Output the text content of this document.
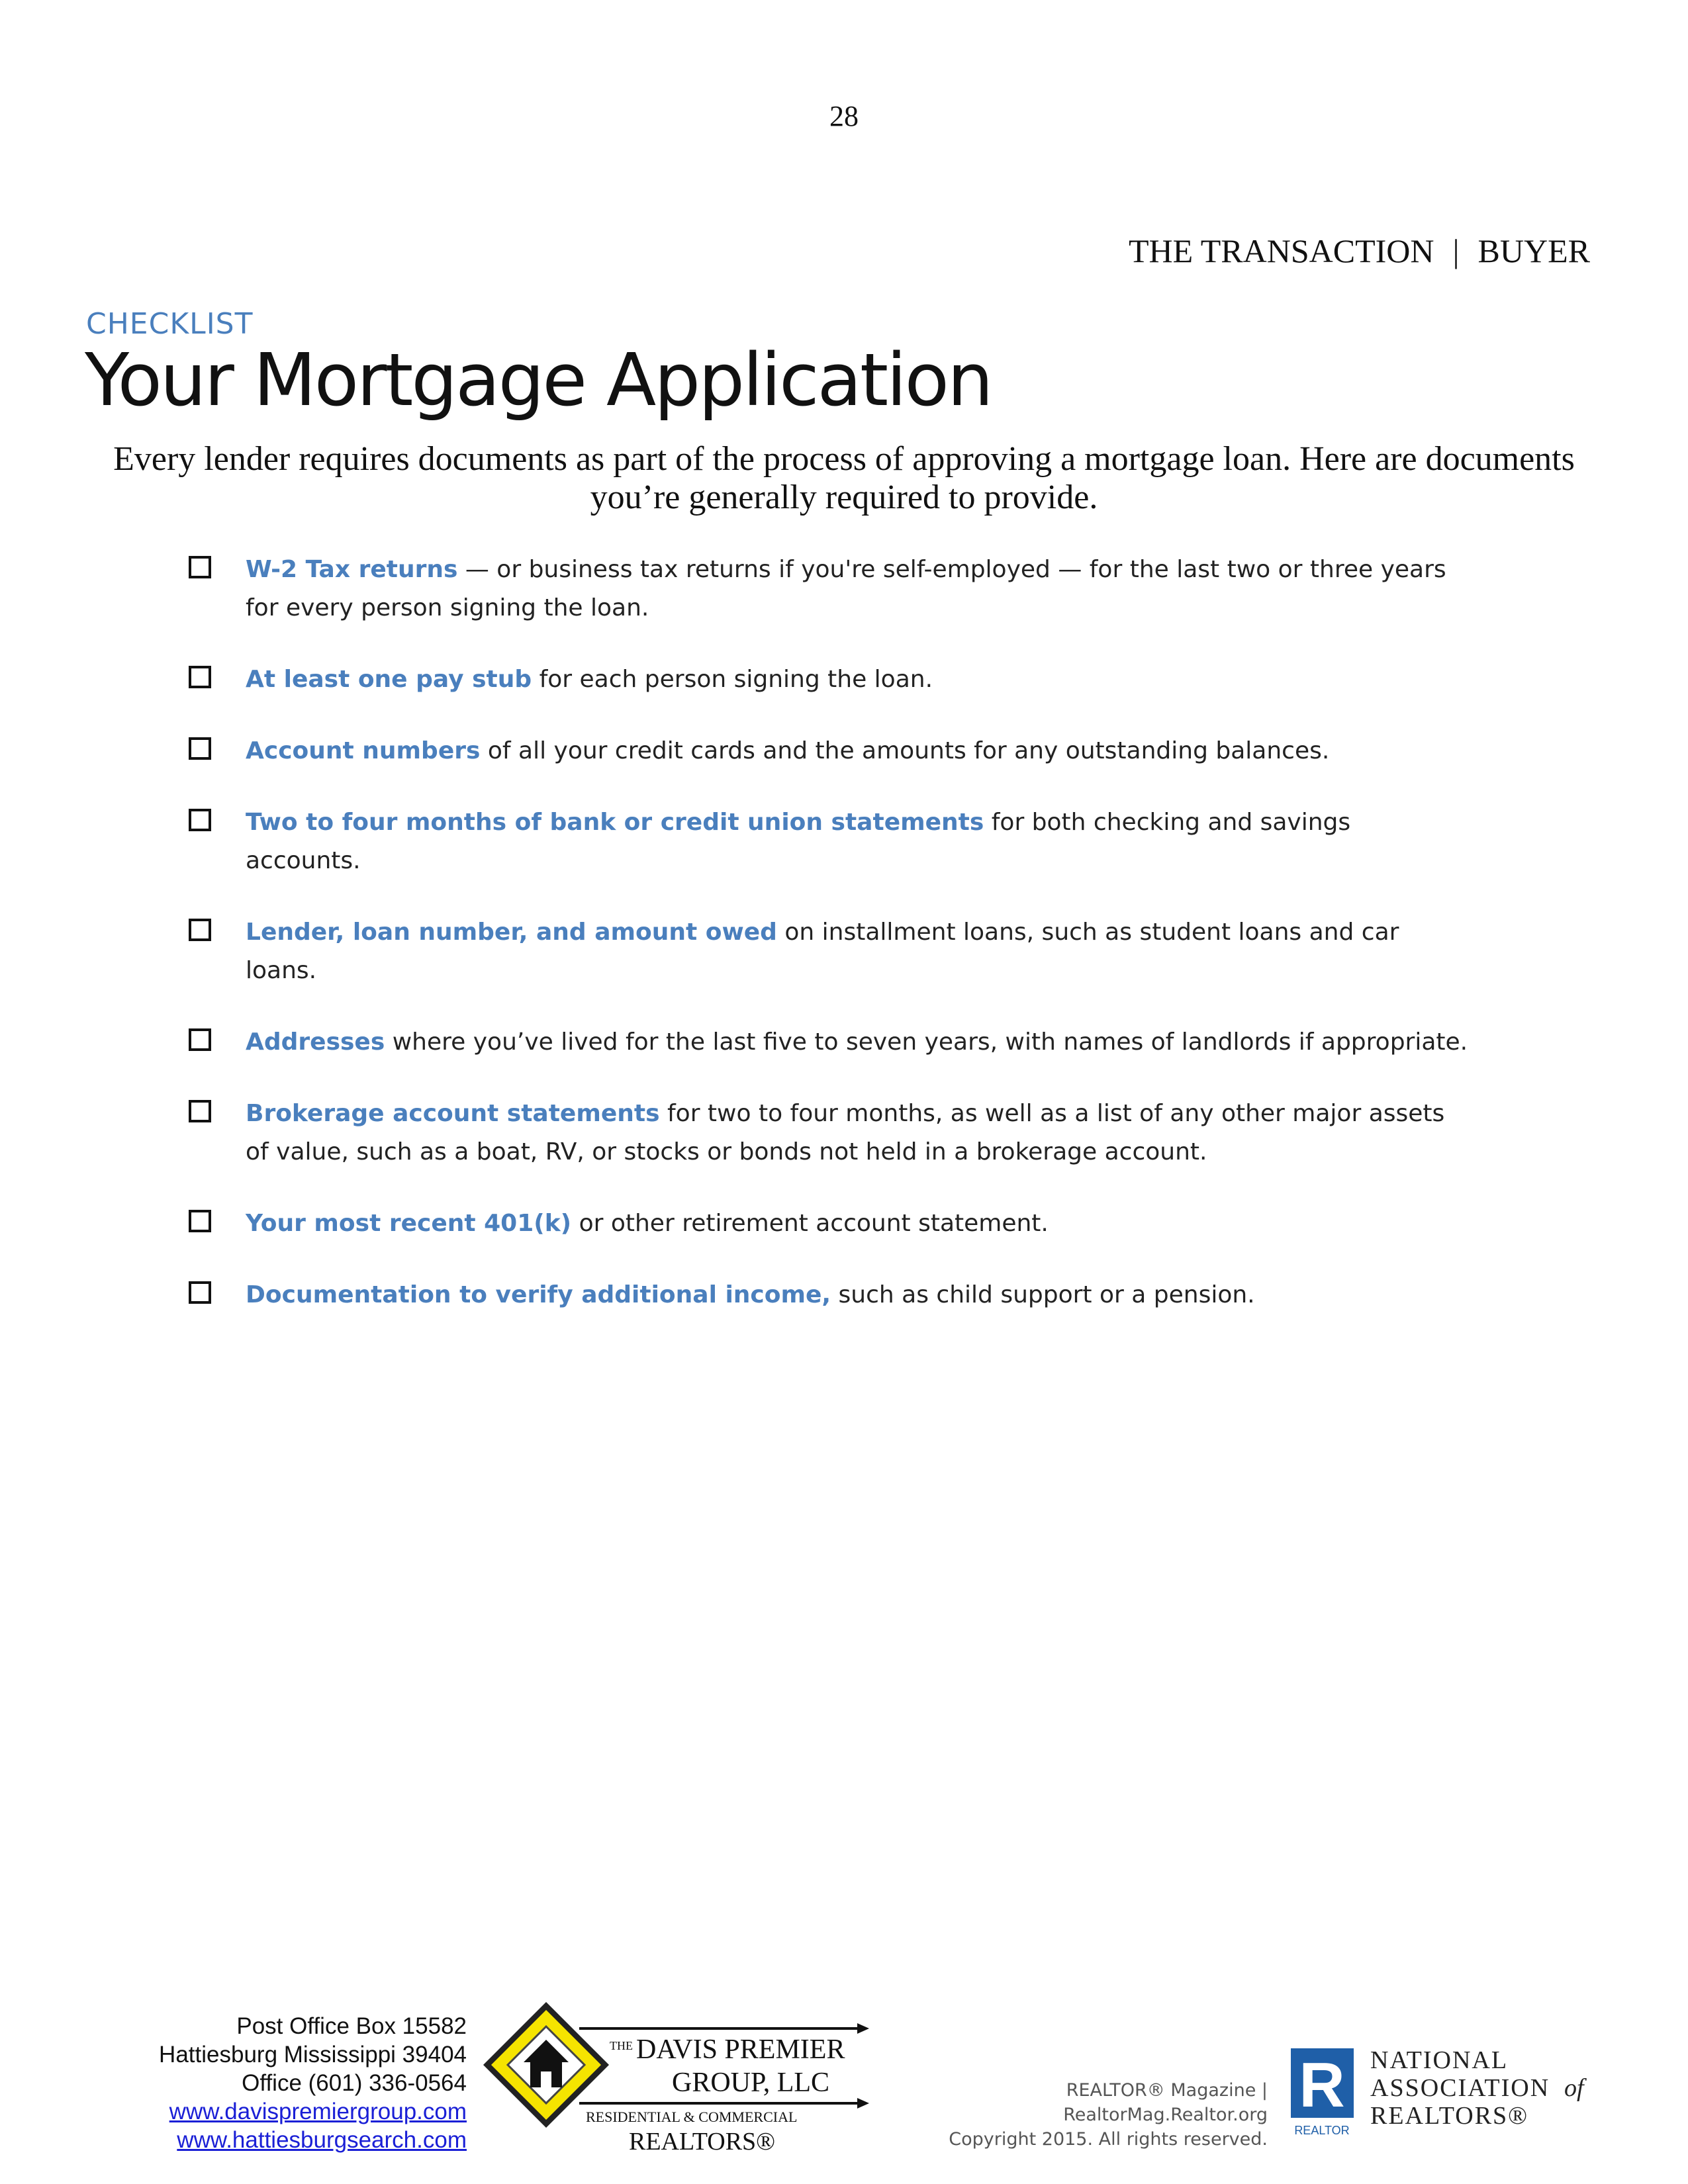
28
THE TRANSACTION | BUYER
CHECKLIST
Your Mortgage Application
Every lender requires documents as part of the process of approving a mortgage loan. Here are documents you’re generally required to provide.
W-2 Tax returns — or business tax returns if you're self-employed — for the last two or three years for every person signing the loan.
At least one pay stub for each person signing the loan.
Account numbers of all your credit cards and the amounts for any outstanding balances.
Two to four months of bank or credit union statements for both checking and savings accounts.
Lender, loan number, and amount owed on installment loans, such as student loans and car loans.
Addresses where you’ve lived for the last five to seven years, with names of landlords if appropriate.
Brokerage account statements for two to four months, as well as a list of any other major assets of value, such as a boat, RV, or stocks or bonds not held in a brokerage account.
Your most recent 401(k) or other retirement account statement.
Documentation to verify additional income, such as child support or a pension.
Post Office Box 15582
Hattiesburg Mississippi 39404
Office (601) 336-0564
www.davispremiergroup.com
www.hattiesburgsearch.com
THE DAVIS PREMIER
GROUP, LLC
RESIDENTIAL & COMMERCIAL
REALTORS®
REALTOR® Magazine | RealtorMag.Realtor.org
Copyright 2015. All rights reserved.
R
REALTOR
NATIONAL
ASSOCIATION of
REALTORS®
